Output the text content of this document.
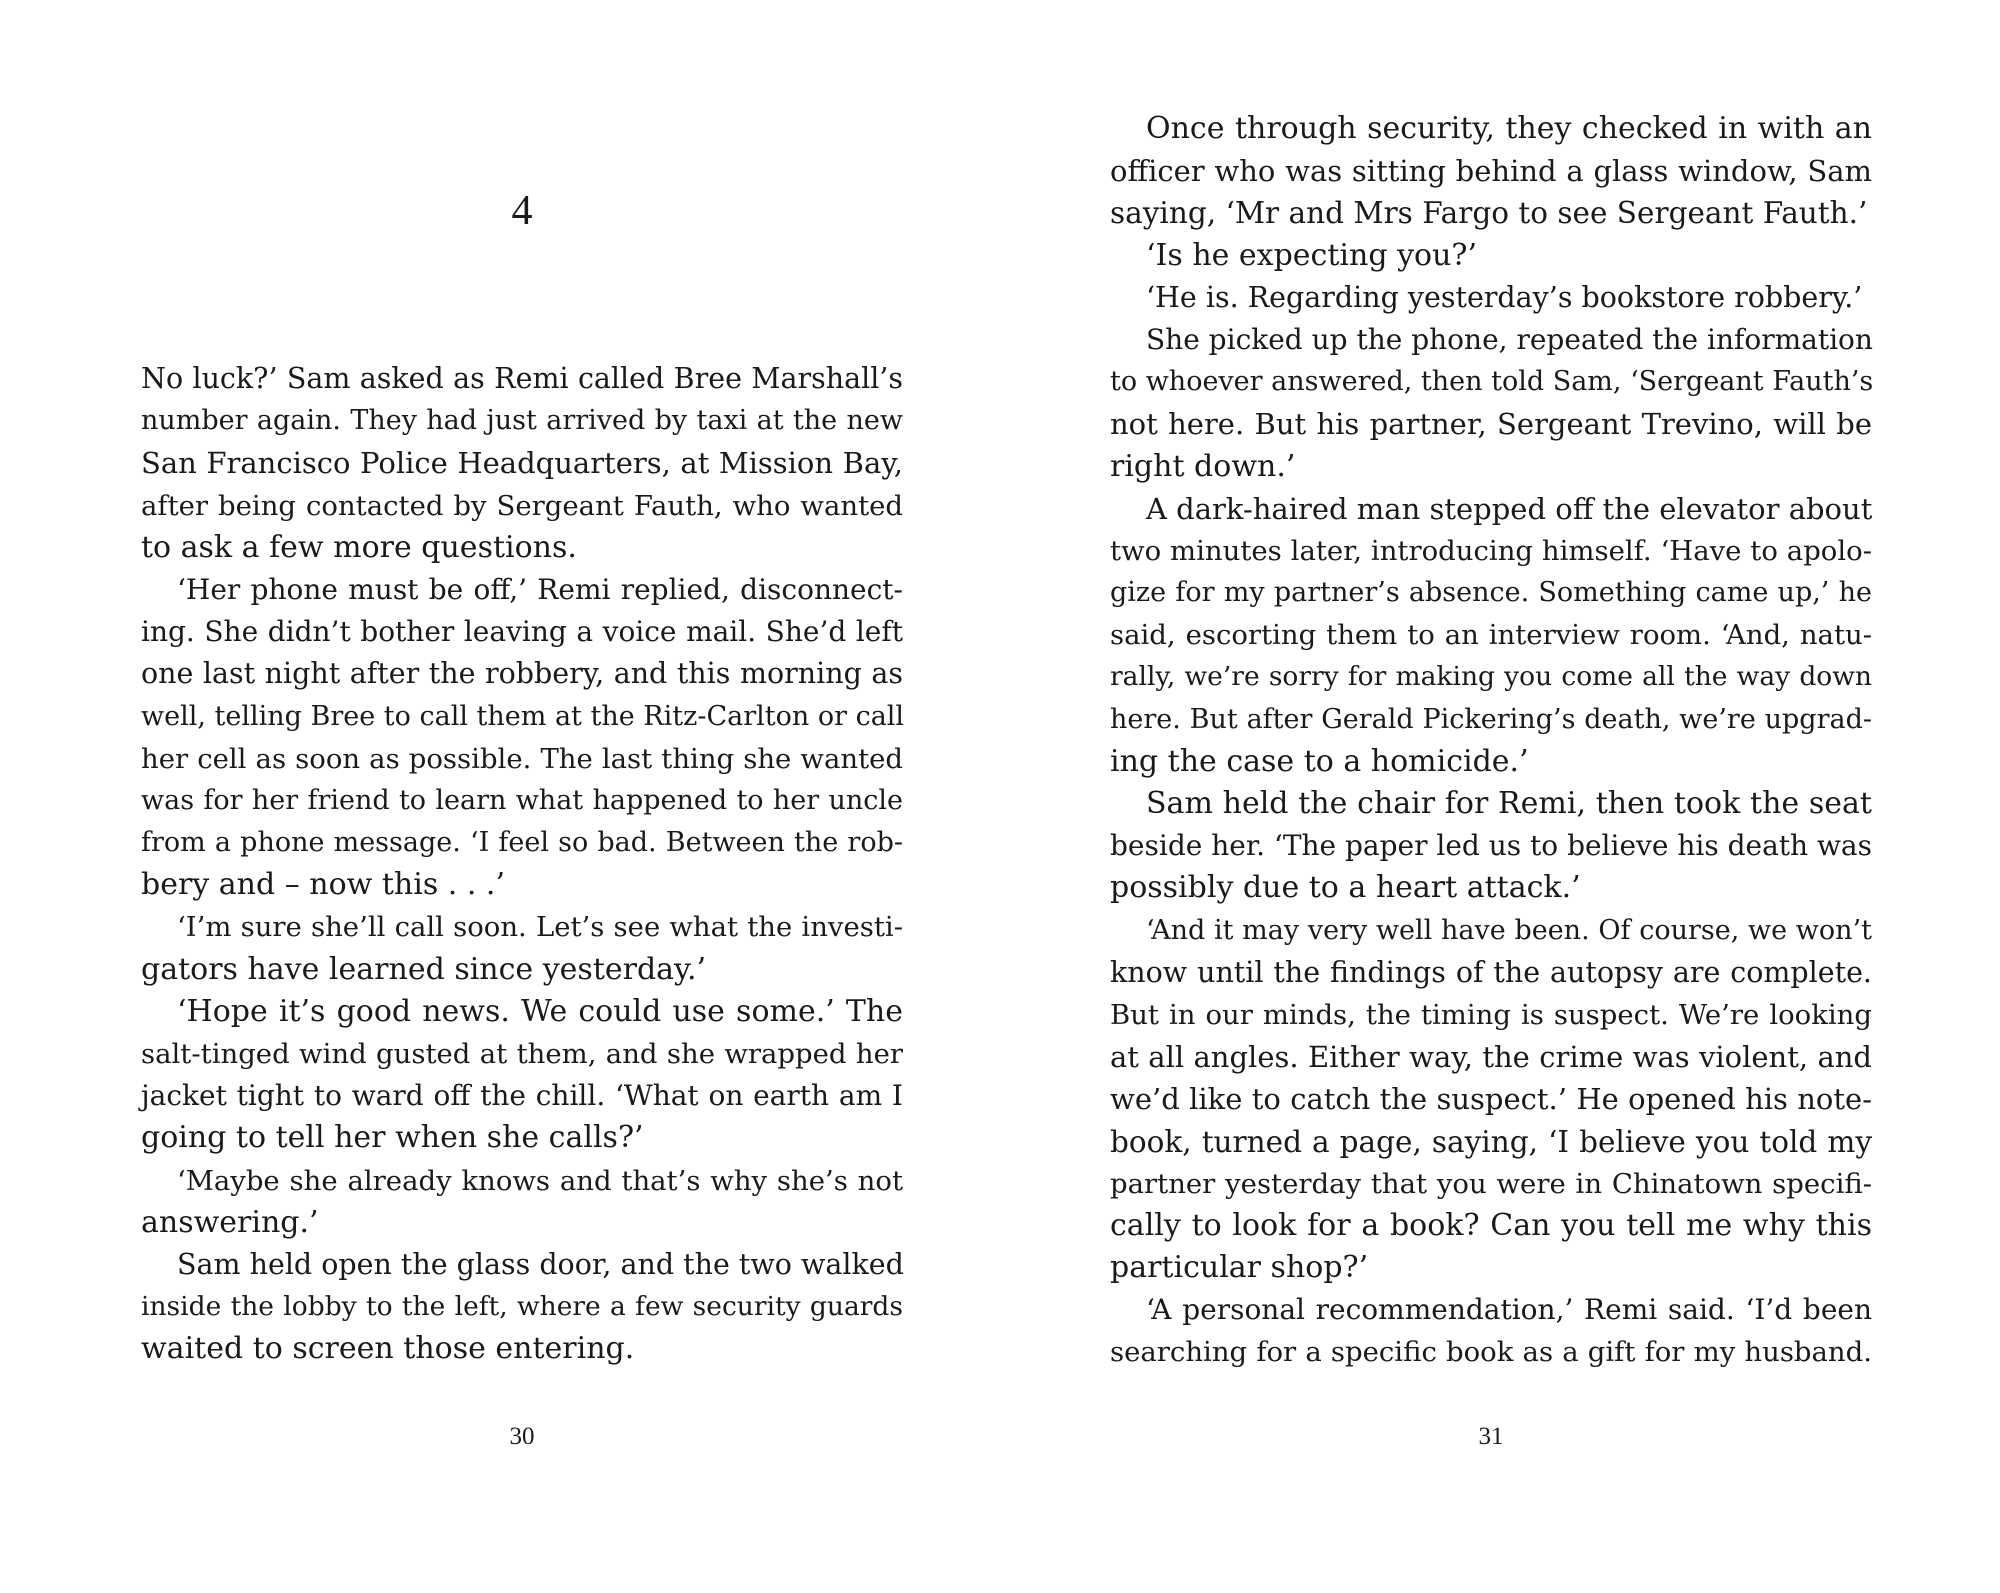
4
No luck?’ Sam asked as Remi called Bree Marshall’s
number again. They had just arrived by taxi at the new
San Francisco Police Headquarters, at Mission Bay,
after being contacted by Sergeant Fauth, who wanted
to ask a few more questions.
‘Her phone must be off,’ Remi replied, disconnect-
ing. She didn’t bother leaving a voice mail. She’d left
one last night after the robbery, and this morning as
well, telling Bree to call them at the Ritz-Carlton or call
her cell as soon as possible. The last thing she wanted
was for her friend to learn what happened to her uncle
from a phone message. ‘I feel so bad. Between the rob-
bery and – now this . . .’
‘I’m sure she’ll call soon. Let’s see what the investi-
gators have learned since yesterday.’
‘Hope it’s good news. We could use some.’ The
salt-tinged wind gusted at them, and she wrapped her
jacket tight to ward off the chill. ‘What on earth am I
going to tell her when she calls?’
‘Maybe she already knows and that’s why she’s not
answering.’
Sam held open the glass door, and the two walked
inside the lobby to the left, where a few security guards
waited to screen those entering.
30
Once through security, they checked in with an
officer who was sitting behind a glass window, Sam
saying, ‘Mr and Mrs Fargo to see Sergeant Fauth.’
‘Is he expecting you?’
‘He is. Regarding yesterday’s bookstore robbery.’
She picked up the phone, repeated the information
to whoever answered, then told Sam, ‘Sergeant Fauth’s
not here. But his partner, Sergeant Trevino, will be
right down.’
A dark-haired man stepped off the elevator about
two minutes later, introducing himself. ‘Have to apolo-
gize for my partner’s absence. Something came up,’ he
said, escorting them to an interview room. ‘And, natu-
rally, we’re sorry for making you come all the way down
here. But after Gerald Pickering’s death, we’re upgrad-
ing the case to a homicide.’
Sam held the chair for Remi, then took the seat
beside her. ‘The paper led us to believe his death was
possibly due to a heart attack.’
‘And it may very well have been. Of course, we won’t
know until the findings of the autopsy are complete.
But in our minds, the timing is suspect. We’re looking
at all angles. Either way, the crime was violent, and
we’d like to catch the suspect.’ He opened his note-
book, turned a page, saying, ‘I believe you told my
partner yesterday that you were in Chinatown specifi-
cally to look for a book? Can you tell me why this
particular shop?’
‘A personal recommendation,’ Remi said. ‘I’d been
searching for a specific book as a gift for my husband.
31
